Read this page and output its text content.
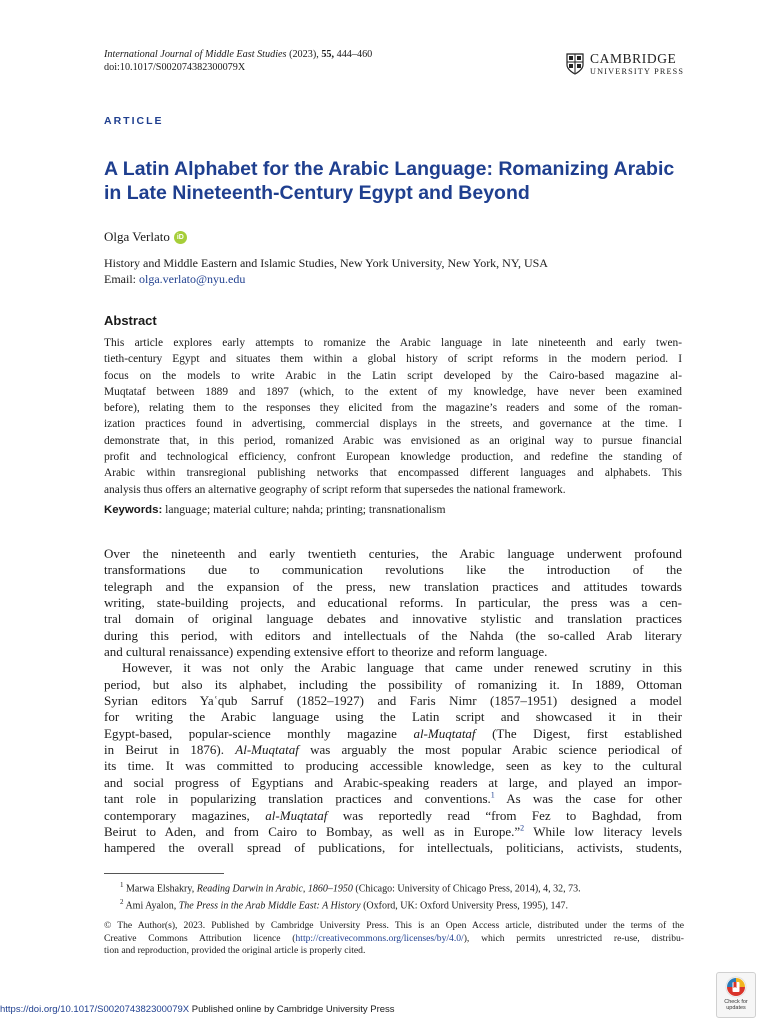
International Journal of Middle East Studies (2023), 55, 444–460
doi:10.1017/S002074382300079X
CAMBRIDGE
UNIVERSITY PRESS
ARTICLE
A Latin Alphabet for the Arabic Language: Romanizing Arabic in Late Nineteenth-Century Egypt and Beyond
Olga Verlato	iD
History and Middle Eastern and Islamic Studies, New York University, New York, NY, USA
Email: olga.verlato@nyu.edu
Abstract
This article explores early attempts to romanize the Arabic language in late nineteenth and early twen-
tieth-century Egypt and situates them within a global history of script reforms in the modern period. I
focus on the models to write Arabic in the Latin script developed by the Cairo-based magazine al-
Muqtataf between 1889 and 1897 (which, to the extent of my knowledge, have never been examined
before), relating them to the responses they elicited from the magazine’s readers and some of the roman-
ization practices found in advertising, commercial displays in the streets, and governance at the time. I
demonstrate that, in this period, romanized Arabic was envisioned as an original way to pursue financial
profit and technological efficiency, confront European knowledge production, and redefine the standing of
Arabic within transregional publishing networks that encompassed different languages and alphabets. This
analysis thus offers an alternative geography of script reform that supersedes the national framework.
Keywords: language; material culture; nahda; printing; transnationalism
Over the nineteenth and early twentieth centuries, the Arabic language underwent profound
transformations due to communication revolutions like the introduction of the
telegraph and the expansion of the press, new translation practices and attitudes towards
writing, state-building projects, and educational reforms. In particular, the press was a cen-
tral domain of original language debates and innovative stylistic and translation practices
during this period, with editors and intellectuals of the Nahda (the so-called Arab literary
and cultural renaissance) expending extensive effort to theorize and reform language.
However, it was not only the Arabic language that came under renewed scrutiny in this
period, but also its alphabet, including the possibility of romanizing it. In 1889, Ottoman
Syrian editors Yaʿqub Sarruf (1852–1927) and Faris Nimr (1857–1951) designed a model
for writing the Arabic language using the Latin script and showcased it in their
Egypt-based, popular-science monthly magazine al-Muqtataf (The Digest, first established
in Beirut in 1876). Al-Muqtataf was arguably the most popular Arabic science periodical of
its time. It was committed to producing accessible knowledge, seen as key to the cultural
and social progress of Egyptians and Arabic-speaking readers at large, and played an impor-
tant role in popularizing translation practices and conventions.$^1$ As was the case for other
contemporary magazines, al-Muqtataf was reportedly read “from Fez to Baghdad, from
Beirut to Aden, and from Cairo to Bombay, as well as in Europe.”$^2$ While low literacy levels
hampered the overall spread of publications, for intellectuals, politicians, activists, students,
$^1$ Marwa Elshakry, Reading Darwin in Arabic, 1860–1950 (Chicago: University of Chicago Press, 2014), 4, 32, 73.
$^2$ Ami Ayalon, The Press in the Arab Middle East: A History (Oxford, UK: Oxford University Press, 1995), 147.
© The Author(s), 2023. Published by Cambridge University Press. This is an Open Access article, distributed under the terms of the
Creative Commons Attribution licence (http://creativecommons.org/licenses/by/4.0/), which permits unrestricted re-use, distribu-
tion and reproduction, provided the original article is properly cited.
https://doi.org/10.1017/S002074382300079X Published online by Cambridge University Press
Check for
updates
